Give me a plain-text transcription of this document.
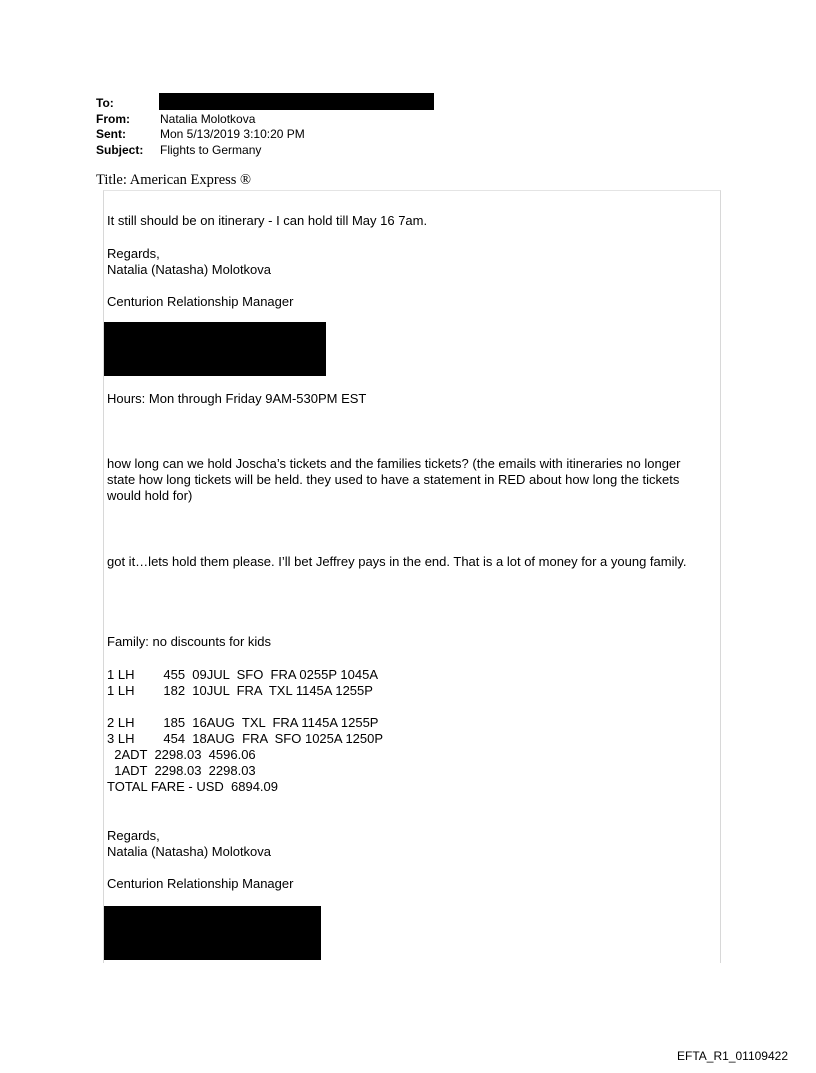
To:
From:	Natalia Molotkova
Sent:	Mon 5/13/2019 3:10:20 PM
Subject: Flights to Germany
Title: American Express ®
It still should be on itinerary - I can hold till May 16 7am.
Regards,
Natalia (Natasha) Molotkova
Centurion Relationship Manager
Hours: Mon through Friday 9AM-530PM EST
how long can we hold Joscha’s tickets and the families tickets? (the emails with itineraries no longer state how long tickets will be held. they used to have a statement in RED about how long the tickets would hold for)
got it…lets hold them please. I’ll bet Jeffrey pays in the end. That is a lot of money for a young family.
Family: no discounts for kids
1 LH        455  09JUL  SFO  FRA 0255P 1045A
1 LH        182  10JUL  FRA  TXL 1145A 1255P
2 LH        185  16AUG  TXL  FRA 1145A 1255P
3 LH        454  18AUG  FRA  SFO 1025A 1250P
2ADT  2298.03  4596.06
1ADT  2298.03  2298.03
TOTAL FARE - USD  6894.09
Regards,
Natalia (Natasha) Molotkova
Centurion Relationship Manager
EFTA_R1_01109422
